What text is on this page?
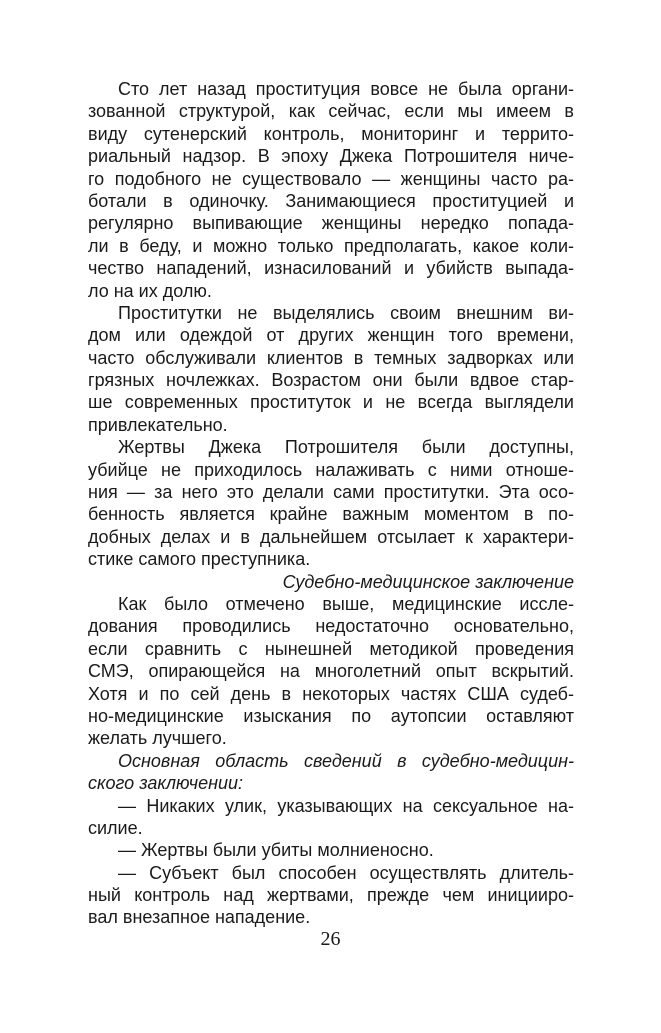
Сто лет назад проституция вовсе не была органи-
зованной структурой, как сейчас, если мы имеем в
виду сутенерский контроль, мониторинг и террито-
риальный надзор. В эпоху Джека Потрошителя ниче-
го подобного не существовало — женщины часто ра-
ботали в одиночку. Занимающиеся проституцией и
регулярно выпивающие женщины нередко попада-
ли в беду, и можно только предполагать, какое коли-
чество нападений, изнасилований и убийств выпада-
ло на их долю.
Проститутки не выделялись своим внешним ви-
дом или одеждой от других женщин того времени,
часто обслуживали клиентов в темных задворках или
грязных ночлежках. Возрастом они были вдвое стар-
ше современных проституток и не всегда выглядели
привлекательно.
Жертвы Джека Потрошителя были доступны,
убийце не приходилось налаживать с ними отноше-
ния — за него это делали сами проститутки. Эта осо-
бенность является крайне важным моментом в по-
добных делах и в дальнейшем отсылает к характери-
стике самого преступника.
Судебно-медицинское заключение
Как было отмечено выше, медицинские иссле-
дования проводились недостаточно основательно,
если сравнить с нынешней методикой проведения
СМЭ, опирающейся на многолетний опыт вскрытий.
Хотя и по сей день в некоторых частях США судеб-
но-медицинские изыскания по аутопсии оставляют
желать лучшего.
Основная область сведений в судебно-медицин-
ского заключении:
— Никаких улик, указывающих на сексуальное на-
силие.
— Жертвы были убиты молниеносно.
— Субъект был способен осуществлять длитель-
ный контроль над жертвами, прежде чем иницииро-
вал внезапное нападение.
26
